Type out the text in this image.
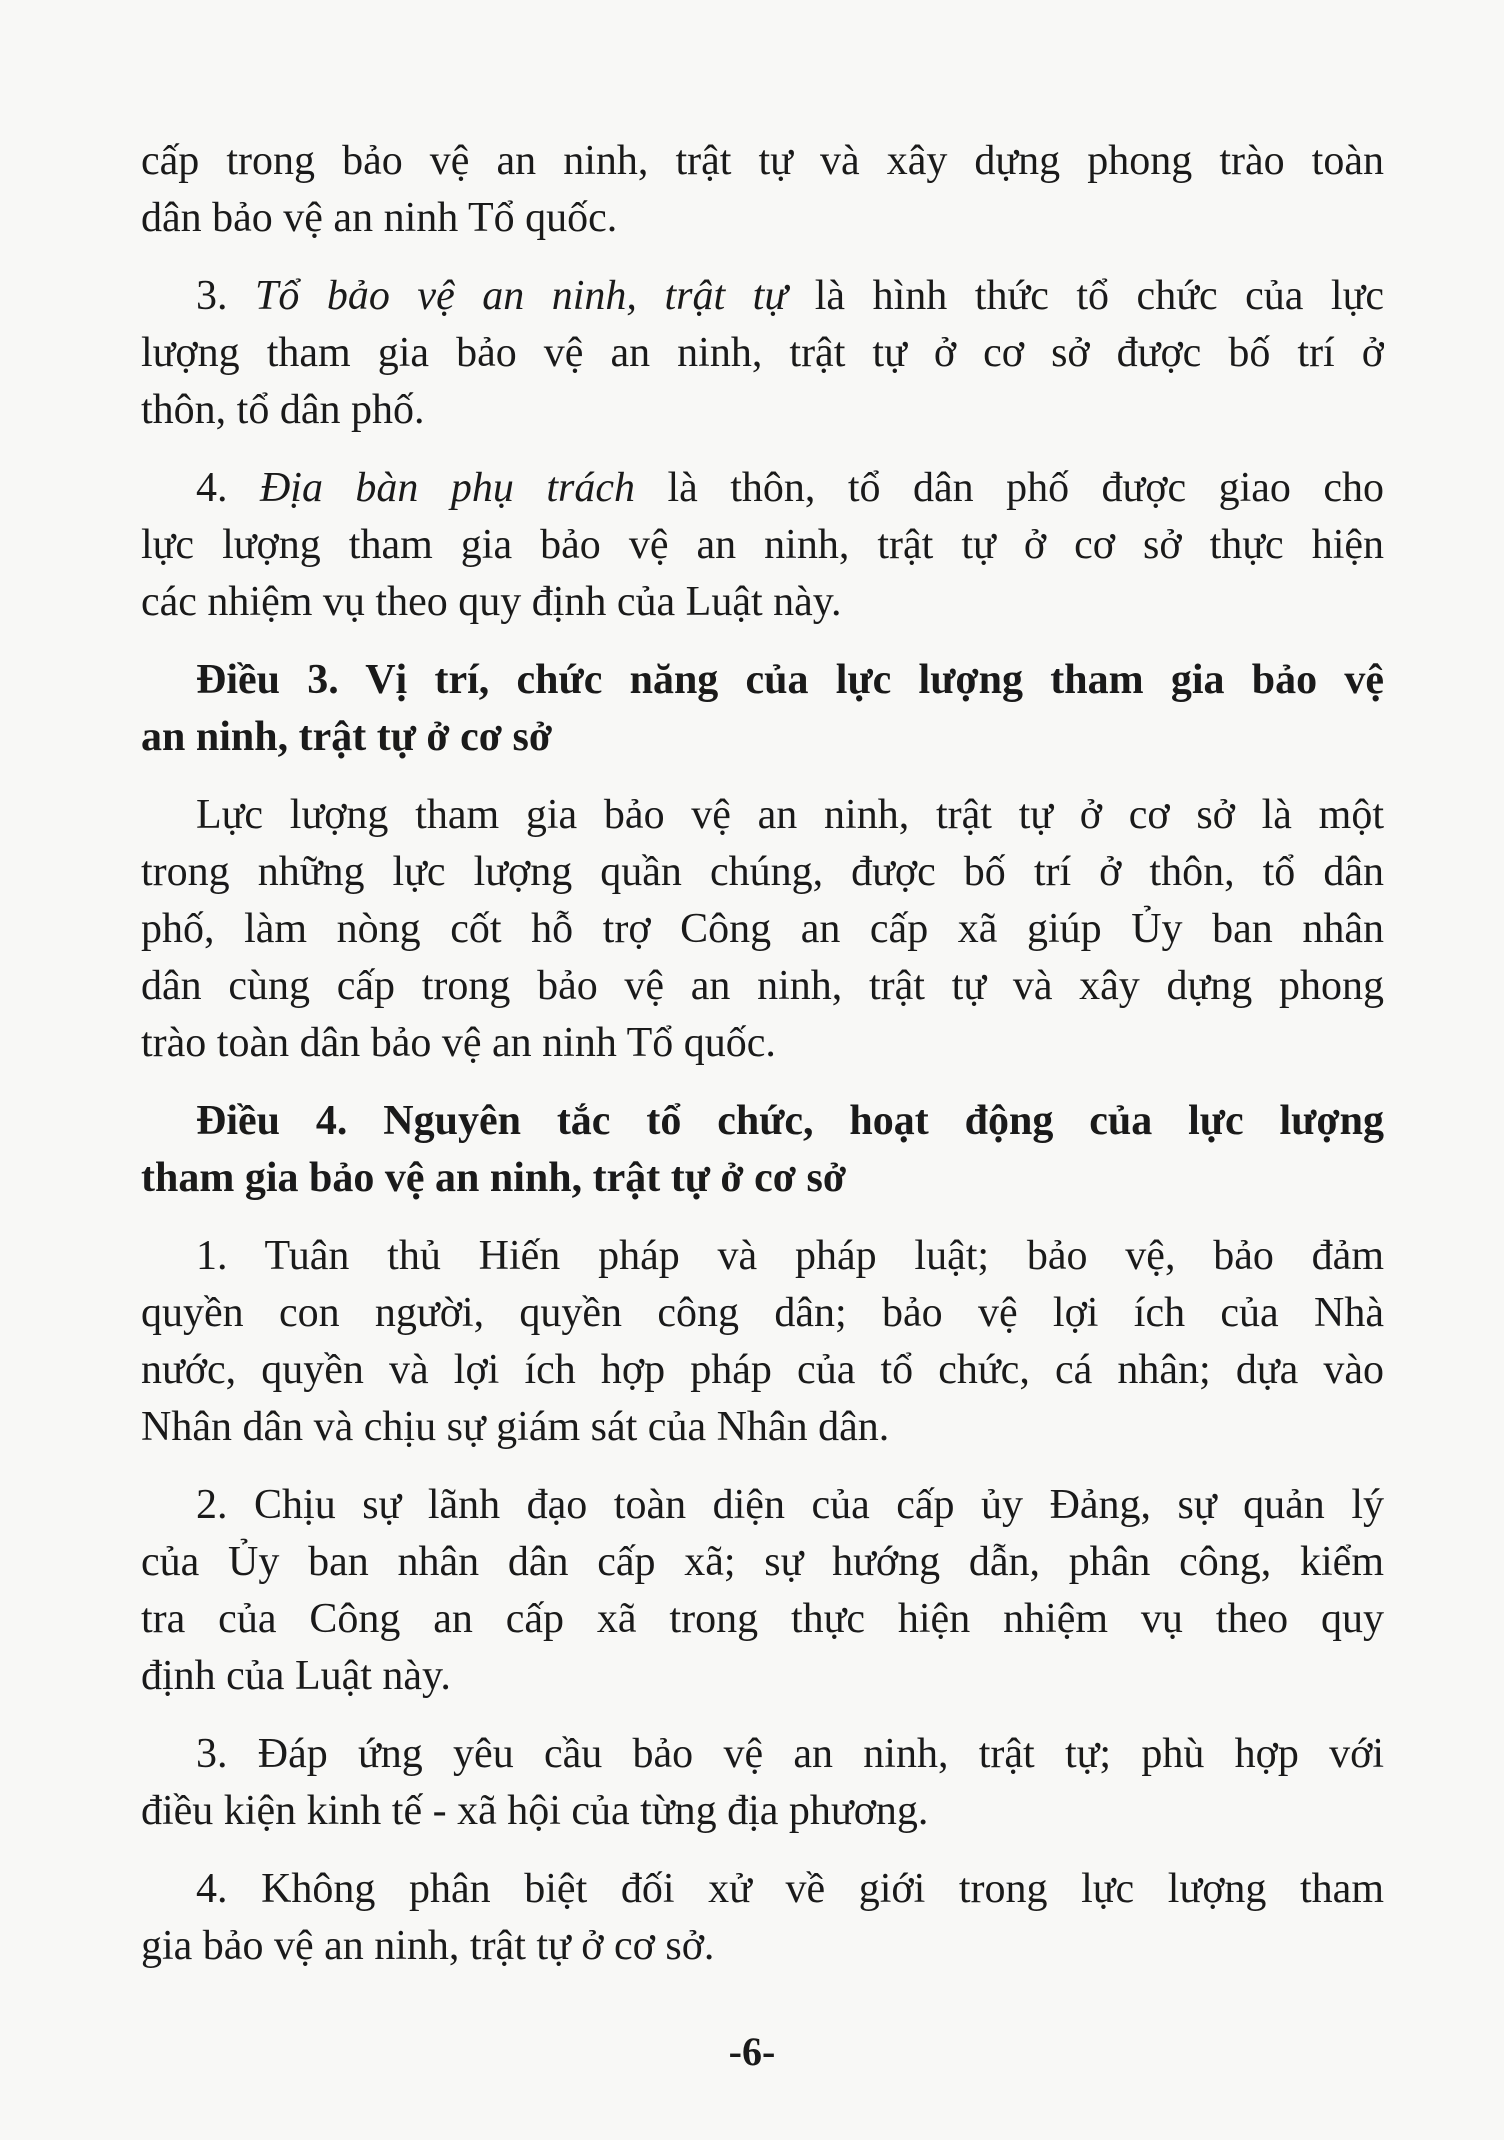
cấp trong bảo vệ an ninh, trật tự và xây dựng phong trào toàn
dân bảo vệ an ninh Tổ quốc.
3. Tổ bảo vệ an ninh, trật tự là hình thức tổ chức của lực
lượng tham gia bảo vệ an ninh, trật tự ở cơ sở được bố trí ở
thôn, tổ dân phố.
4. Địa bàn phụ trách là thôn, tổ dân phố được giao cho
lực lượng tham gia bảo vệ an ninh, trật tự ở cơ sở thực hiện
các nhiệm vụ theo quy định của Luật này.
Điều 3. Vị trí, chức năng của lực lượng tham gia bảo vệ
an ninh, trật tự ở cơ sở
Lực lượng tham gia bảo vệ an ninh, trật tự ở cơ sở là một
trong những lực lượng quần chúng, được bố trí ở thôn, tổ dân
phố, làm nòng cốt hỗ trợ Công an cấp xã giúp Ủy ban nhân
dân cùng cấp trong bảo vệ an ninh, trật tự và xây dựng phong
trào toàn dân bảo vệ an ninh Tổ quốc.
Điều 4. Nguyên tắc tổ chức, hoạt động của lực lượng
tham gia bảo vệ an ninh, trật tự ở cơ sở
1. Tuân thủ Hiến pháp và pháp luật; bảo vệ, bảo đảm
quyền con người, quyền công dân; bảo vệ lợi ích của Nhà
nước, quyền và lợi ích hợp pháp của tổ chức, cá nhân; dựa vào
Nhân dân và chịu sự giám sát của Nhân dân.
2. Chịu sự lãnh đạo toàn diện của cấp ủy Đảng, sự quản lý
của Ủy ban nhân dân cấp xã; sự hướng dẫn, phân công, kiểm
tra của Công an cấp xã trong thực hiện nhiệm vụ theo quy
định của Luật này.
3. Đáp ứng yêu cầu bảo vệ an ninh, trật tự; phù hợp với
điều kiện kinh tế - xã hội của từng địa phương.
4. Không phân biệt đối xử về giới trong lực lượng tham
gia bảo vệ an ninh, trật tự ở cơ sở.
-6-
